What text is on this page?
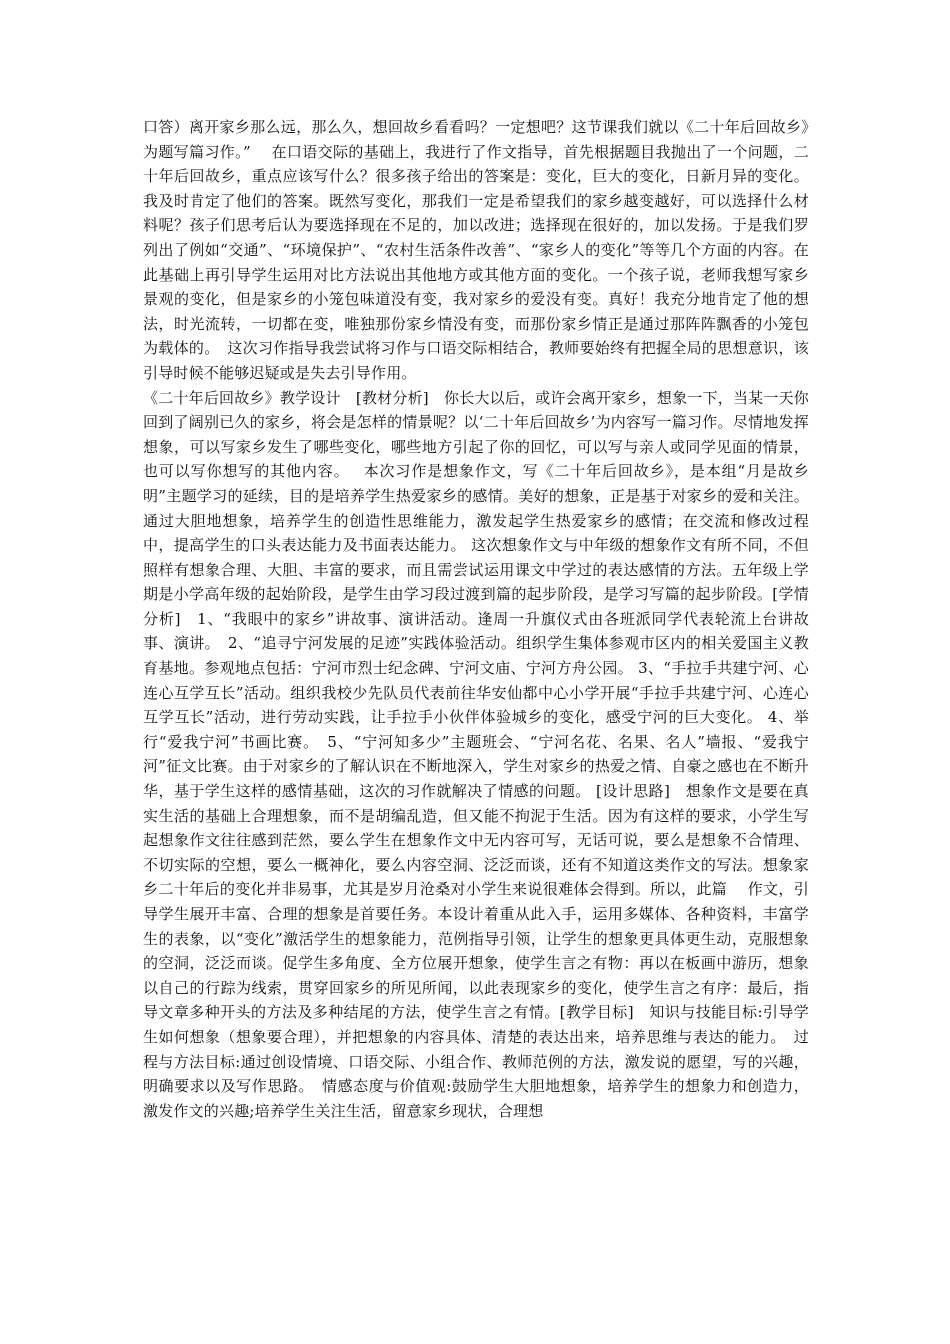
口答）离开家乡那么远，那么久，想回故乡看看吗？一定想吧？这节课我们就以《二十年后回故乡》为题写篇习作。”　 在口语交际的基础上，我进行了作文指导，首先根据题目我抛出了一个问题，二十年后回故乡，重点应该写什么？很多孩子给出的答案是：变化，巨大的变化，日新月异的变化。我及时肯定了他们的答案。既然写变化，那我们一定是希望我们的家乡越变越好，可以选择什么材料呢？孩子们思考后认为要选择现在不足的，加以改进；选择现在很好的，加以发扬。于是我们罗列出了例如“交通”、“环境保护”、“农村生活条件改善”、“家乡人的变化”等等几个方面的内容。在此基础上再引导学生运用对比方法说出其他地方或其他方面的变化。一个孩子说，老师我想写家乡景观的变化，但是家乡的小笼包味道没有变，我对家乡的爱没有变。真好！我充分地肯定了他的想法，时光流转，一切都在变，唯独那份家乡情没有变，而那份家乡情正是通过那阵阵飘香的小笼包为载体的。　这次习作指导我尝试将习作与口语交际相结合，教师要始终有把握全局的思想意识，该引导时候不能够迟疑或是失去引导作用。

《二十年后回故乡》教学设计　[教材分析]　你长大以后，或许会离开家乡，想象一下，当某一天你回到了阔别已久的家乡，将会是怎样的情景呢？以‘二十年后回故乡’为内容写一篇习作。尽情地发挥想象，可以写家乡发生了哪些变化，哪些地方引起了你的回忆，可以写与亲人或同学见面的情景，也可以写你想写的其他内容。　 本次习作是想象作文，写《二十年后回故乡》，是本组“月是故乡明”主题学习的延续，目的是培养学生热爱家乡的感情。美好的想象，正是基于对家乡的爱和关注。通过大胆地想象，培养学生的创造性思维能力，激发起学生热爱家乡的感情；在交流和修改过程中，提高学生的口头表达能力及书面表达能力。 这次想象作文与中年级的想象作文有所不同，不但照样有想象合理、大胆、丰富的要求，而且需尝试运用课文中学过的表达感情的方法。五年级上学期是小学高年级的起始阶段，是学生由学习段过渡到篇的起步阶段，是学习写篇的起步阶段。[学情分析]　1、“我眼中的家乡”讲故事、演讲活动。逢周一升旗仪式由各班派同学代表轮流上台讲故事、演讲。　2、“追寻宁河发展的足迹”实践体验活动。组织学生集体参观市区内的相关爱国主义教育基地。参观地点包括：宁河市烈士纪念碑、宁河文庙、宁河方舟公园。 3、“手拉手共建宁河、心连心互学互长”活动。组织我校少先队员代表前往华安仙都中心小学开展“手拉手共建宁河、心连心互学互长”活动，进行劳动实践，让手拉手小伙伴体验城乡的变化，感受宁河的巨大变化。 4、举行“爱我宁河”书画比赛。　5、“宁河知多少”主题班会、“宁河名花、名果、名人”墙报、“爱我宁河”征文比赛。由于对家乡的了解认识在不断地深入，学生对家乡的热爱之情、自豪之感也在不断升华，基于学生这样的感情基础，这次的习作就解决了情感的问题。 [设计思路]　想象作文是要在真实生活的基础上合理想象，而不是胡编乱造，但又能不拘泥于生活。因为有这样的要求，小学生写起想象作文往往感到茫然，要么学生在想象作文中无内容可写，无话可说，要么是想象不合情理、不切实际的空想，要么一概神化，要么内容空洞、泛泛而谈，还有不知道这类作文的写法。想象家乡二十年后的变化并非易事，尤其是岁月沧桑对小学生来说很难体会得到。所以，此篇　 作文，引导学生展开丰富、合理的想象是首要任务。本设计着重从此入手，运用多媒体、各种资料，丰富学生的表象，以“变化”激活学生的想象能力，范例指导引领，让学生的想象更具体更生动，克服想象的空洞，泛泛而谈。促学生多角度、全方位展开想象，使学生言之有物：再以在板画中游历，想象以自己的行踪为线索，贯穿回家乡的所见所闻，以此表现家乡的变化，使学生言之有序：最后，指导文章多种开头的方法及多种结尾的方法，使学生言之有情。[教学目标]　知识与技能目标:引导学生如何想象（想象要合理），并把想象的内容具体、清楚的表达出来，培养思维与表达的能力。　过程与方法目标:通过创设情境、口语交际、小组合作、教师范例的方法，激发说的愿望，写的兴趣，明确要求以及写作思路。　情感态度与价值观:鼓励学生大胆地想象，培养学生的想象力和创造力，激发作文的兴趣;培养学生关注生活，留意家乡现状，合理想
